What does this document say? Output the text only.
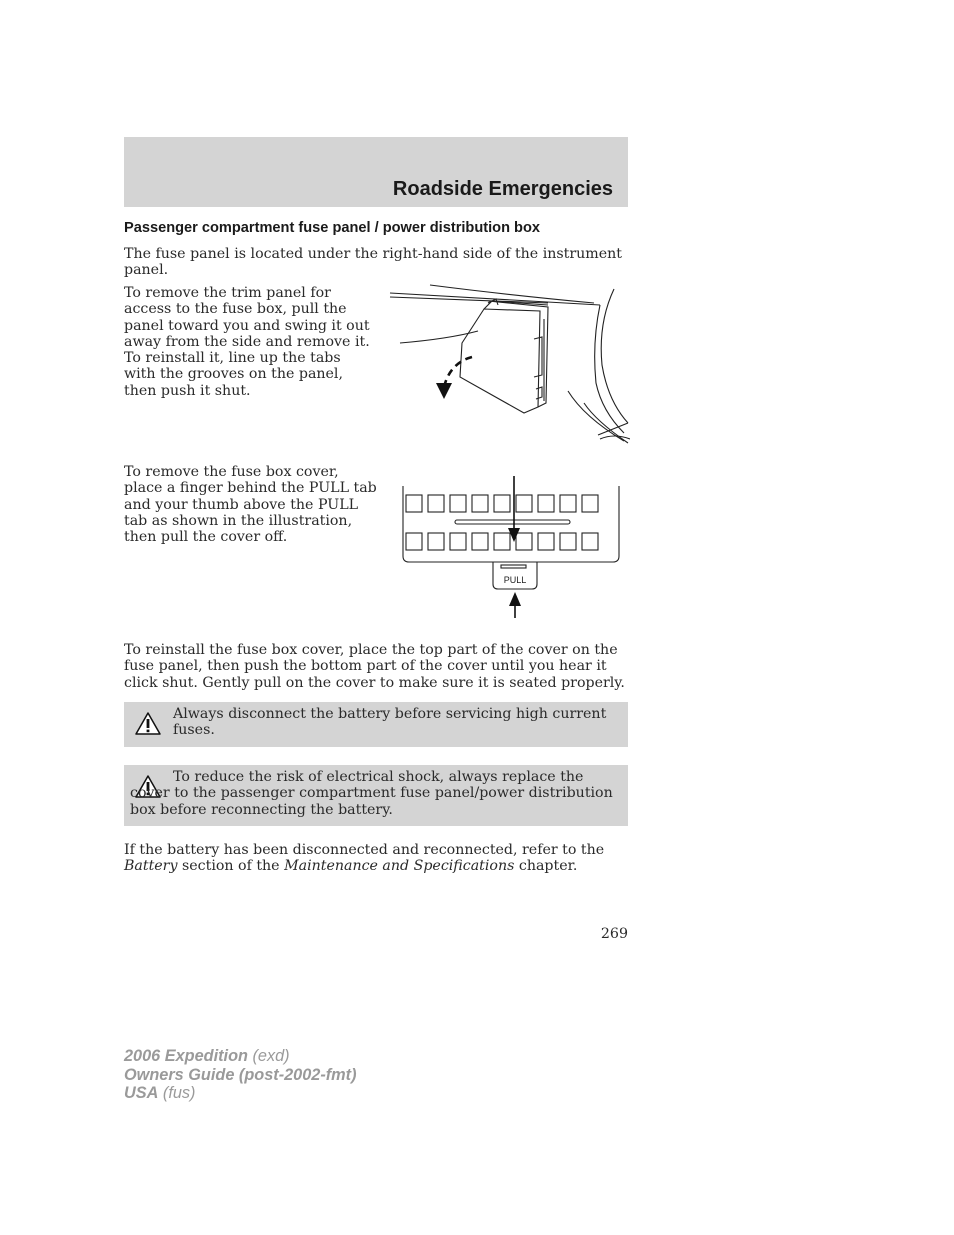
Roadside Emergencies
Passenger compartment fuse panel / power distribution box

The fuse panel is located under the right-hand side of the instrument panel.

To remove the trim panel for access to the fuse box, pull the panel toward you and swing it out away from the side and remove it. To reinstall it, line up the tabs with the grooves on the panel, then push it shut.

To remove the fuse box cover, place a finger behind the PULL tab and your thumb above the PULL tab as shown in the illustration, then pull the cover off.

PULL

To reinstall the fuse box cover, place the top part of the cover on the fuse panel, then push the bottom part of the cover until you hear it click shut. Gently pull on the cover to make sure it is seated properly.

Always disconnect the battery before servicing high current fuses.

To reduce the risk of electrical shock, always replace the cover to the passenger compartment fuse panel/power distribution box before reconnecting the battery.

If the battery has been disconnected and reconnected, refer to the Battery section of the Maintenance and Specifications chapter.

269

2006 Expedition (exd)
Owners Guide (post-2002-fmt)
USA (fus)
